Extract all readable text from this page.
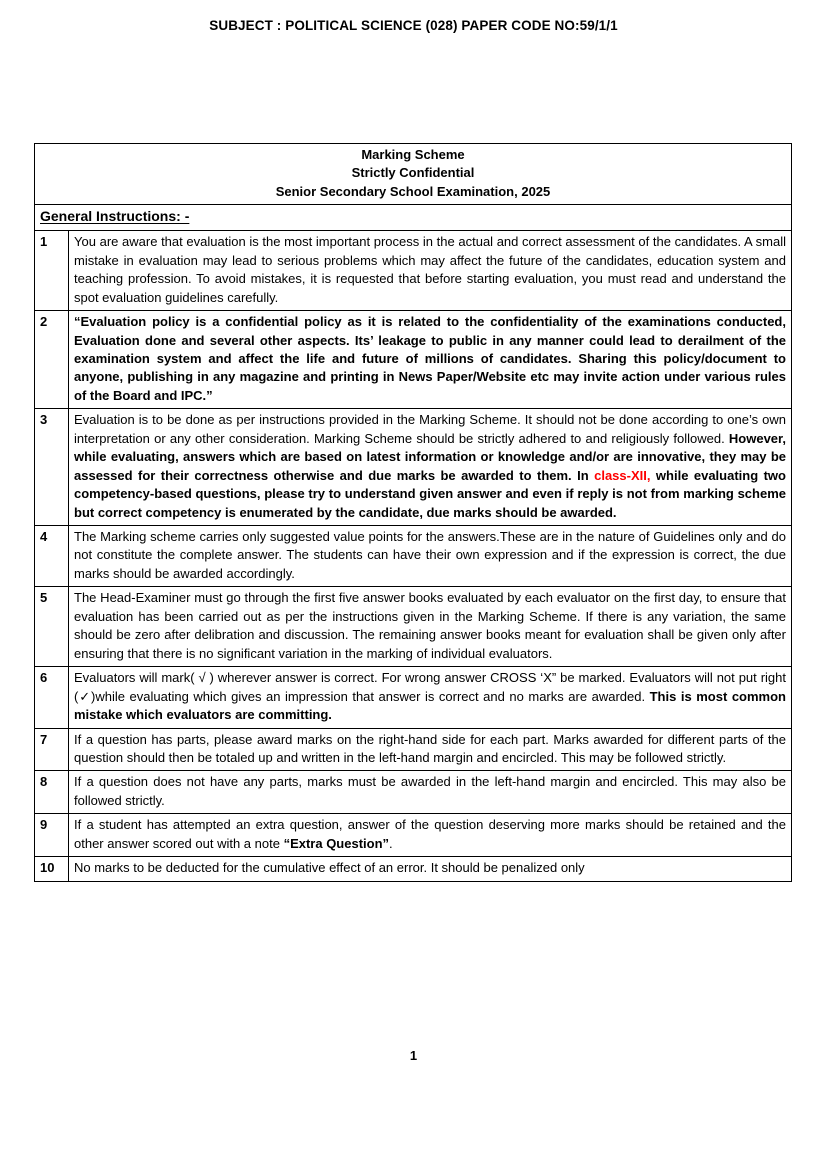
SUBJECT : POLITICAL SCIENCE (028) PAPER CODE NO:59/1/1
Marking Scheme
Strictly Confidential
Senior Secondary School Examination, 2025	

General Instructions: -	
1	You are aware that evaluation is the most important process in the actual and correct assessment of the candidates. A small mistake in evaluation may lead to serious problems which may affect the future of the candidates, education system and teaching profession. To avoid mistakes, it is requested that before starting evaluation, you must read and understand the spot evaluation guidelines carefully.

2	“Evaluation policy is a confidential policy as it is related to the confidentiality of the examinations conducted, Evaluation done and several other aspects. Its’ leakage to public in any manner could lead to derailment of the examination system and affect the life and future of millions of candidates. Sharing this policy/document to anyone, publishing in any magazine and printing in News Paper/Website etc may invite action under various rules of the Board and IPC.”

3	Evaluation is to be done as per instructions provided in the Marking Scheme. It should not be done according to one’s own interpretation or any other consideration. Marking Scheme should be strictly adhered to and religiously followed. However, while evaluating, answers which are based on latest information or knowledge and/or are innovative, they may be assessed for their correctness otherwise and due marks be awarded to them. In class-XII, while evaluating two competency-based questions, please try to understand given answer and even if reply is not from marking scheme but correct competency is enumerated by the candidate, due marks should be awarded.

4	The Marking scheme carries only suggested value points for the answers.These are in the nature of Guidelines only and do not constitute the complete answer. The students can have their own expression and if the expression is correct, the due marks should be awarded accordingly.

5	The Head-Examiner must go through the first five answer books evaluated by each evaluator on the first day, to ensure that evaluation has been carried out as per the instructions given in the Marking Scheme. If there is any variation, the same should be zero after delibration and discussion. The remaining answer books meant for evaluation shall be given only after ensuring that there is no significant variation in the marking of individual evaluators.

6	Evaluators will mark( √ ) wherever answer is correct. For wrong answer CROSS ‘X” be marked. Evaluators will not put right (✓)while evaluating which gives an impression that answer is correct and no marks are awarded. This is most common mistake which evaluators are committing.

7	If a question has parts, please award marks on the right-hand side for each part. Marks awarded for different parts of the question should then be totaled up and written in the left-hand margin and encircled. This may be followed strictly.

8	If a question does not have any parts, marks must be awarded in the left-hand margin and encircled. This may also be followed strictly.

9	If a student has attempted an extra question, answer of the question deserving more marks should be retained and the other answer scored out with a note “Extra Question”.

10	No marks to be deducted for the cumulative effect of an error. It should be penalized only

1
